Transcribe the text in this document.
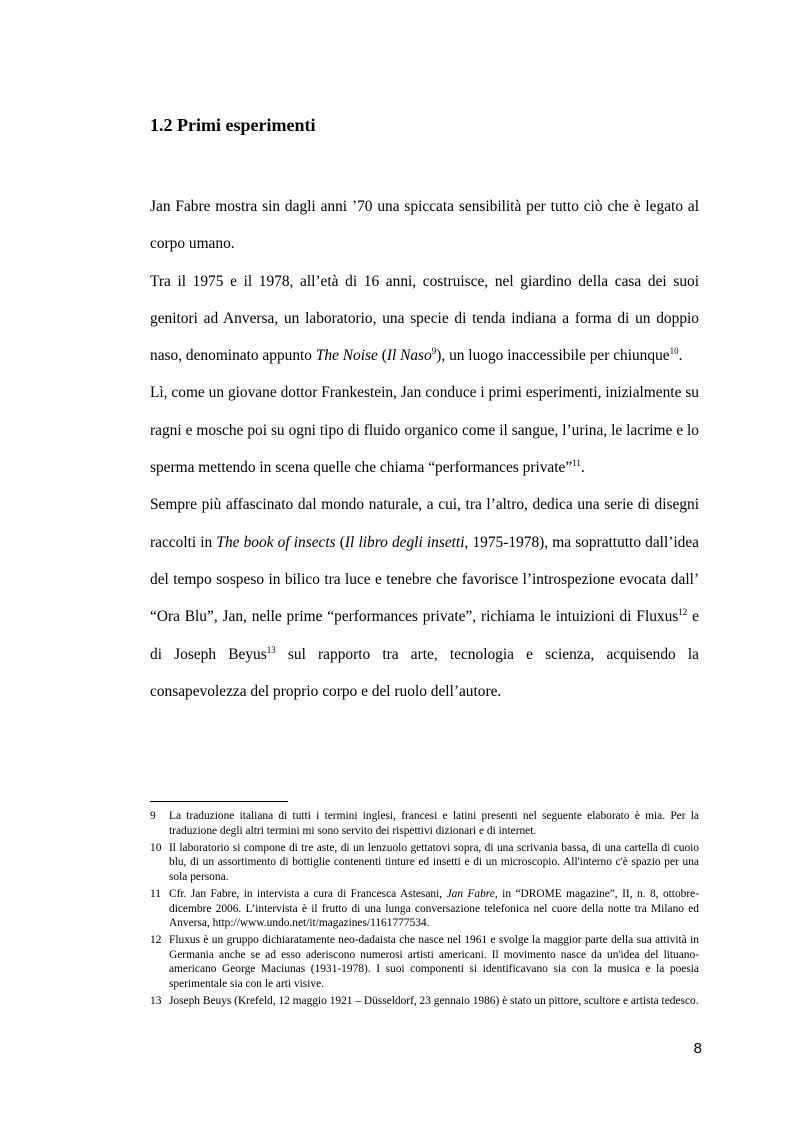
1.2 Primi esperimenti

Jan Fabre mostra sin dagli anni ’70 una spiccata sensibilità per tutto ciò che è legato al corpo umano.

Tra il 1975 e il 1978, all’età di 16 anni, costruisce, nel giardino della casa dei suoi genitori ad Anversa, un laboratorio, una specie di tenda indiana a forma di un doppio naso, denominato appunto The Noise (Il Naso$^9$), un luogo inaccessibile per chiunque$^{10}$.

Lì, come un giovane dottor Frankestein, Jan conduce i primi esperimenti, inizialmente su ragni e mosche poi su ogni tipo di fluido organico come il sangue, l’urina, le lacrime e lo sperma mettendo in scena quelle che chiama “performances private”$^{11}$.

Sempre più affascinato dal mondo naturale, a cui, tra l’altro, dedica una serie di disegni raccolti in The book of insects (Il libro degli insetti, 1975-1978), ma soprattutto dall’idea del tempo sospeso in bilico tra luce e tenebre che favorisce l’introspezione evocata dall’ “Ora Blu”, Jan, nelle prime “performances private”, richiama le intuizioni di Fluxus$^{12}$ e di Joseph Beyus$^{13}$ sul rapporto tra arte, tecnologia e scienza, acquisendo la consapevolezza del proprio corpo e del ruolo dell’autore.

9 La traduzione italiana di tutti i termini inglesi, francesi e latini presenti nel seguente elaborato è mia. Per la traduzione degli altri termini mi sono servito dei rispettivi dizionari e di internet.
10 Il laboratorio si compone di tre aste, di un lenzuolo gettatovi sopra, di una scrivania bassa, di una cartella di cuoio blu, di un assortimento di bottiglie contenenti tinture ed insetti e di un microscopio. All'interno c'è spazio per una sola persona.
11 Cfr. Jan Fabre, in intervista a cura di Francesca Astesani, Jan Fabre, in “DROME magazine”, II, n. 8, ottobre-dicembre 2006. L’intervista è il frutto di una lunga conversazione telefonica nel cuore della notte tra Milano ed Anversa, http://www.undo.net/it/magazines/1161777534.
12 Fluxus è un gruppo dichiaratamente neo-dadaista che nasce nel 1961 e svolge la maggior parte della sua attività in Germania anche se ad esso aderiscono numerosi artisti americani. Il movimento nasce da un'idea del lituano-americano George Maciunas (1931-1978). I suoi componenti si identificavano sia con la musica e la poesia sperimentale sia con le arti visive.
13 Joseph Beuys (Krefeld, 12 maggio 1921 – Düsseldorf, 23 gennaio 1986) è stato un pittore, scultore e artista tedesco.
8
